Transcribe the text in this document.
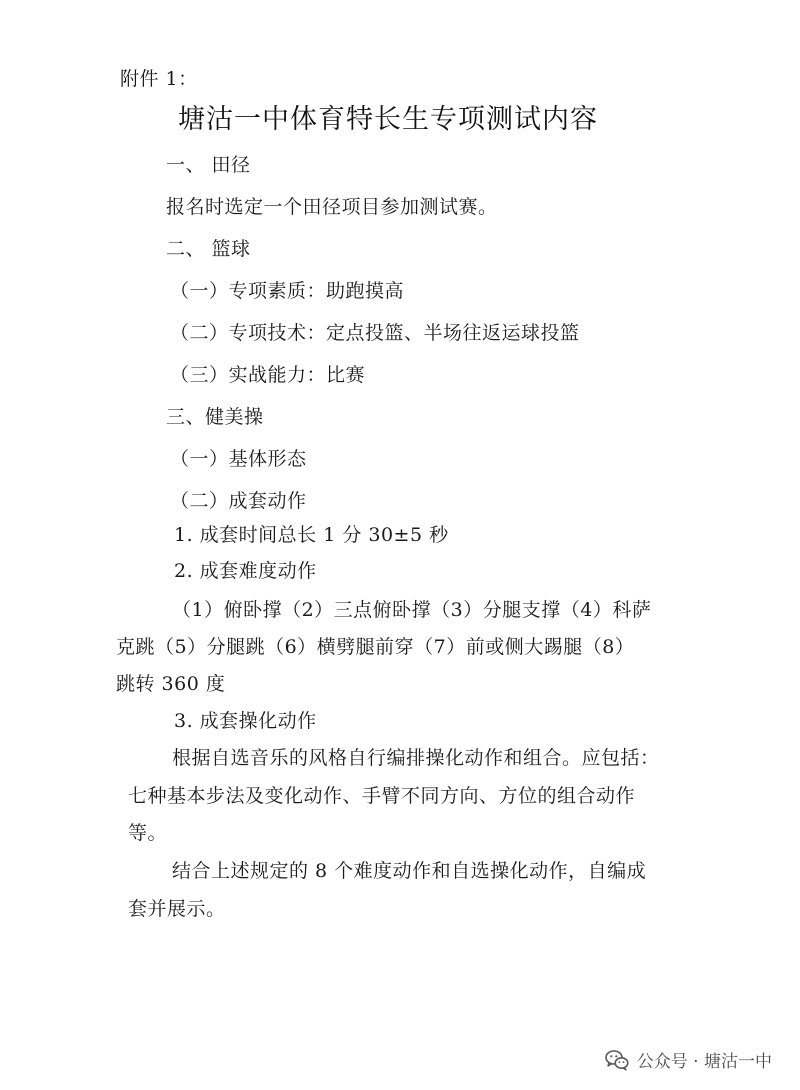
附件 1：
塘沽一中体育特长生专项测试内容
一、 田径
报名时选定一个田径项目参加测试赛。
二、 篮球
（一）专项素质：助跑摸高
（二）专项技术：定点投篮、半场往返运球投篮
（三）实战能力：比赛
三、健美操
（一）基体形态
（二）成套动作
1. 成套时间总长 1 分 30±5 秒
2. 成套难度动作
（1）俯卧撑（2）三点俯卧撑（3）分腿支撑（4）科萨
克跳（5）分腿跳（6）横劈腿前穿（7）前或侧大踢腿（8）
跳转 360 度
3. 成套操化动作
根据自选音乐的风格自行编排操化动作和组合。应包括：
七种基本步法及变化动作、手臂不同方向、方位的组合动作
等。
结合上述规定的 8 个难度动作和自选操化动作，自编成
套并展示。
公众号 · 塘沽一中
